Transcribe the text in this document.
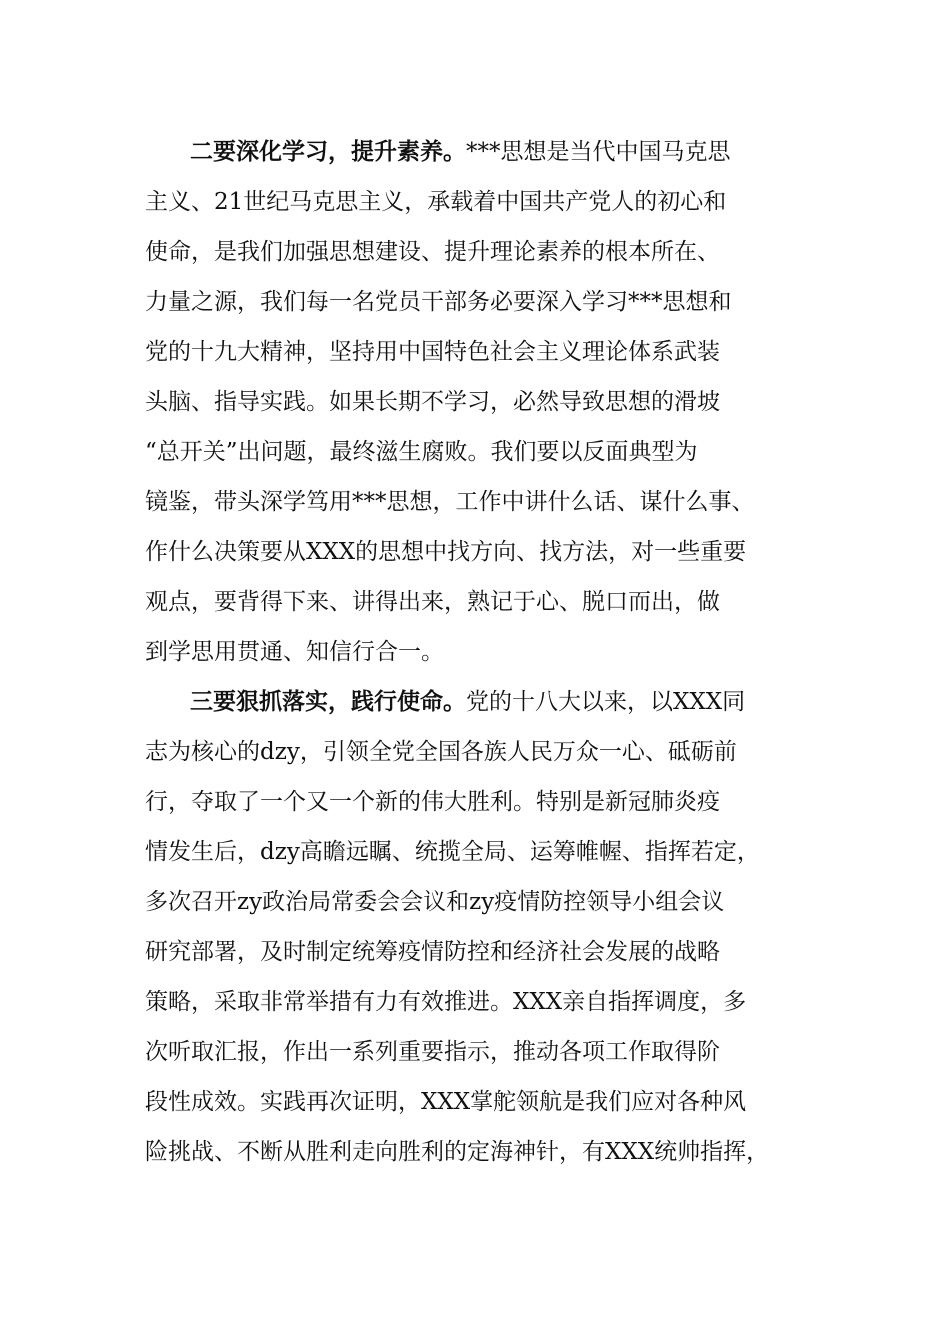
二要深化学习，提升素养。***思想是当代中国马克思
主义、21世纪马克思主义，承载着中国共产党人的初心和
使命，是我们加强思想建设、提升理论素养的根本所在、
力量之源，我们每一名党员干部务必要深入学习***思想和
党的十九大精神，坚持用中国特色社会主义理论体系武装
头脑、指导实践。如果长期不学习，必然导致思想的滑坡
“总开关”出问题，最终滋生腐败。我们要以反面典型为
镜鉴，带头深学笃用***思想，工作中讲什么话、谋什么事、
作什么决策要从XXX的思想中找方向、找方法，对一些重要
观点，要背得下来、讲得出来，熟记于心、脱口而出，做
到学思用贯通、知信行合一。
三要狠抓落实，践行使命。党的十八大以来，以XXX同
志为核心的dzy，引领全党全国各族人民万众一心、砥砺前
行，夺取了一个又一个新的伟大胜利。特别是新冠肺炎疫
情发生后，dzy高瞻远瞩、统揽全局、运筹帷幄、指挥若定，
多次召开zy政治局常委会会议和zy疫情防控领导小组会议
研究部署，及时制定统筹疫情防控和经济社会发展的战略
策略，采取非常举措有力有效推进。XXX亲自指挥调度，多
次听取汇报，作出一系列重要指示，推动各项工作取得阶
段性成效。实践再次证明，XXX掌舵领航是我们应对各种风
险挑战、不断从胜利走向胜利的定海神针，有XXX统帅指挥，
